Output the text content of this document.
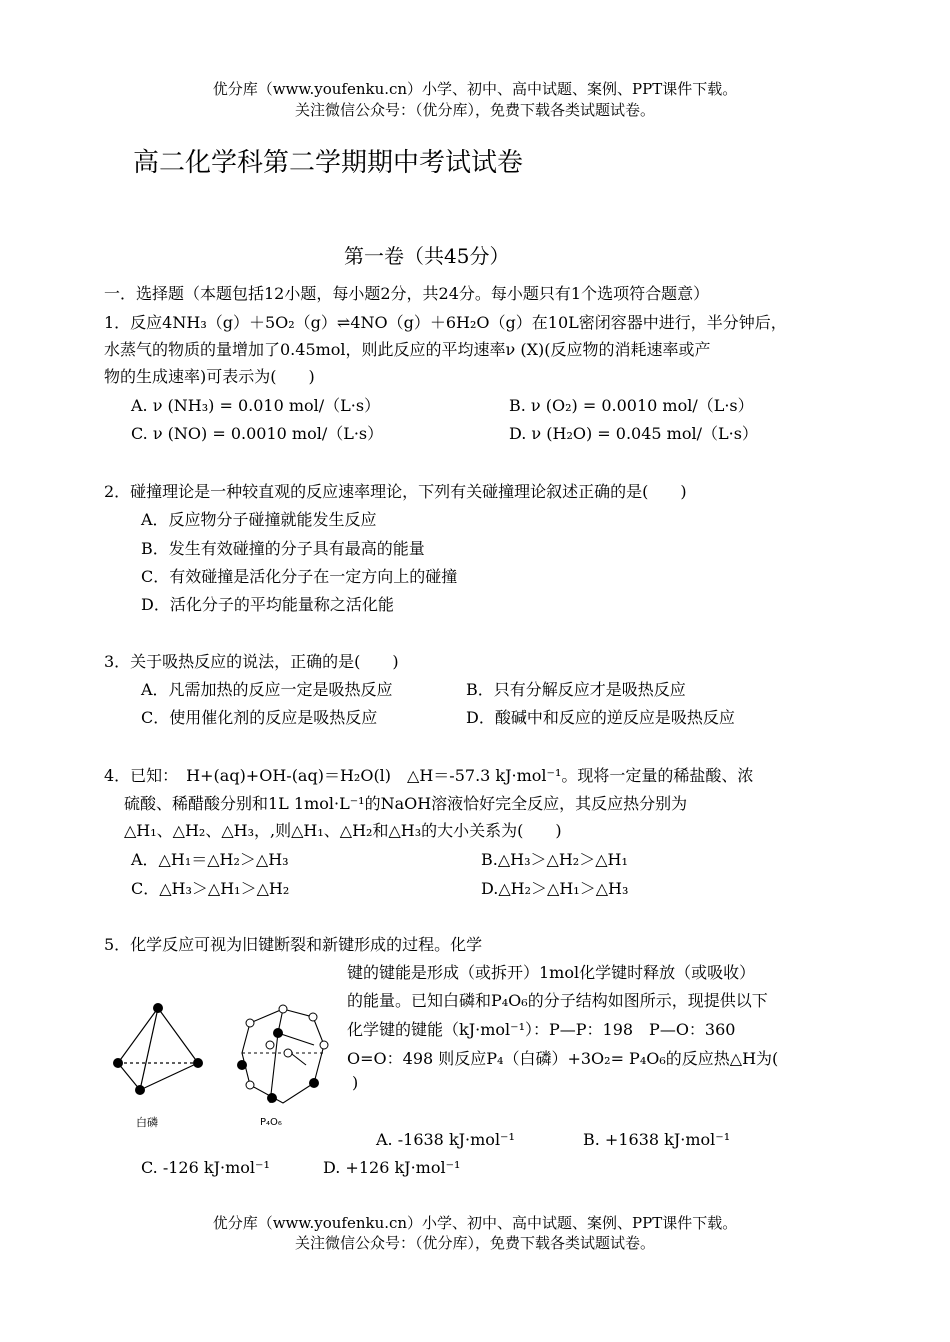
优分库（www.youfenku.cn）小学、初中、高中试题、案例、PPT课件下载。
关注微信公众号：（优分库），免费下载各类试题试卷。
高二化学科第二学期期中考试试卷
第一卷（共45分）
一．选择题（本题包括12小题，每小题2分，共24分。每小题只有1个选项符合题意）
1．反应4NH₃（g）＋5O₂（g）⇌4NO（g）＋6H₂O（g）在10L密闭容器中进行，半分钟后，
水蒸气的物质的量增加了0.45mol，则此反应的平均速率ν (X)(反应物的消耗速率或产
物的生成速率)可表示为(　　)
A. ν (NH₃) = 0.010 mol/（L·s）	B. ν (O₂) = 0.0010 mol/（L·s）
C. ν (NO) = 0.0010 mol/（L·s）	D. ν (H₂O) = 0.045 mol/（L·s）
2．碰撞理论是一种较直观的反应速率理论，下列有关碰撞理论叙述正确的是(　　)
A．反应物分子碰撞就能发生反应
B．发生有效碰撞的分子具有最高的能量
C．有效碰撞是活化分子在一定方向上的碰撞
D．活化分子的平均能量称之活化能
3．关于吸热反应的说法，正确的是(　　)
A．凡需加热的反应一定是吸热反应	B．只有分解反应才是吸热反应
C．使用催化剂的反应是吸热反应	D．酸碱中和反应的逆反应是吸热反应
4．已知：　H+(aq)+OH-(aq)＝H₂O(l)　△H＝-57.3 kJ·mol⁻¹。现将一定量的稀盐酸、浓
硫酸、稀醋酸分别和1L 1mol·L⁻¹的NaOH溶液恰好完全反应，其反应热分别为
△H₁、△H₂、△H₃，,则△H₁、△H₂和△H₃的大小关系为(　　)
A．△H₁＝△H₂＞△H₃	B.△H₃＞△H₂＞△H₁
C．△H₃＞△H₁＞△H₂	D.△H₂＞△H₁＞△H₃
5．化学反应可视为旧键断裂和新键形成的过程。化学
键的键能是形成（或拆开）1mol化学键时释放（或吸收）
的能量。已知白磷和P₄O₆的分子结构如图所示，现提供以下
化学键的键能（kJ·mol⁻¹）：P—P：198　P—O：360
O=O：498 则反应P₄（白磷）+3O₂= P₄O₆的反应热△H为(
)
白磷	P₄O₆
A. -1638 kJ·mol⁻¹	B. +1638 kJ·mol⁻¹
C. -126 kJ·mol⁻¹	D. +126 kJ·mol⁻¹
优分库（www.youfenku.cn）小学、初中、高中试题、案例、PPT课件下载。
关注微信公众号：（优分库），免费下载各类试题试卷。
